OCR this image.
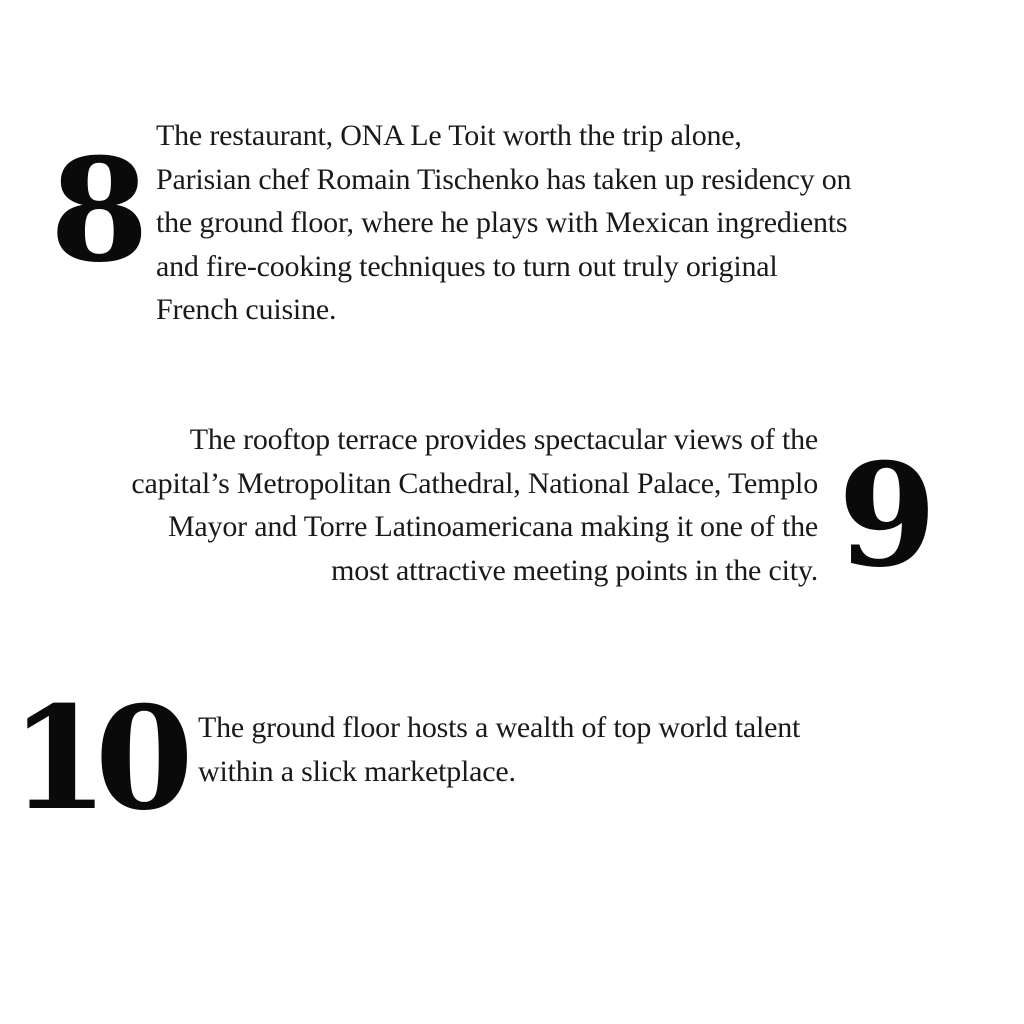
8 The restaurant, ONA Le Toit worth the trip alone,
Parisian chef Romain Tischenko has taken up residency on
the ground floor, where he plays with Mexican ingredients
and fire-cooking techniques to turn out truly original
French cuisine.
The rooftop terrace provides spectacular views of the
capital’s Metropolitan Cathedral, National Palace, Templo
Mayor and Torre Latinoamericana making it one of the
most attractive meeting points in the city. 9
10 The ground floor hosts a wealth of top world talent
within a slick marketplace.
